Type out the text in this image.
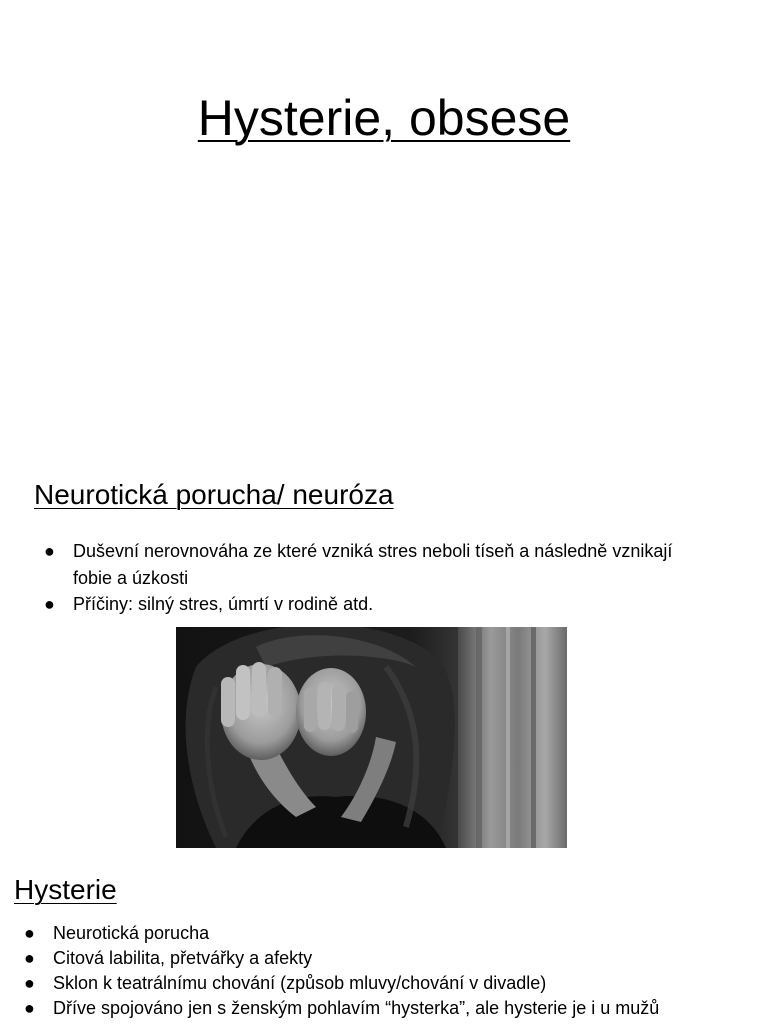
Hysterie, obsese
Neurotická porucha/ neuróza
● Duševní nerovnováha ze které vzniká stres neboli tíseň a následně vznikají fobie a úzkosti
● Příčiny: silný stres, úmrtí v rodině atd.
Hysterie
● Neurotická porucha
● Citová labilita, přetvářky a afekty
● Sklon k teatrálnímu chování (způsob mluvy/chování v divadle)
● Dříve spojováno jen s ženským pohlavím “hysterka”, ale hysterie je i u mužů
